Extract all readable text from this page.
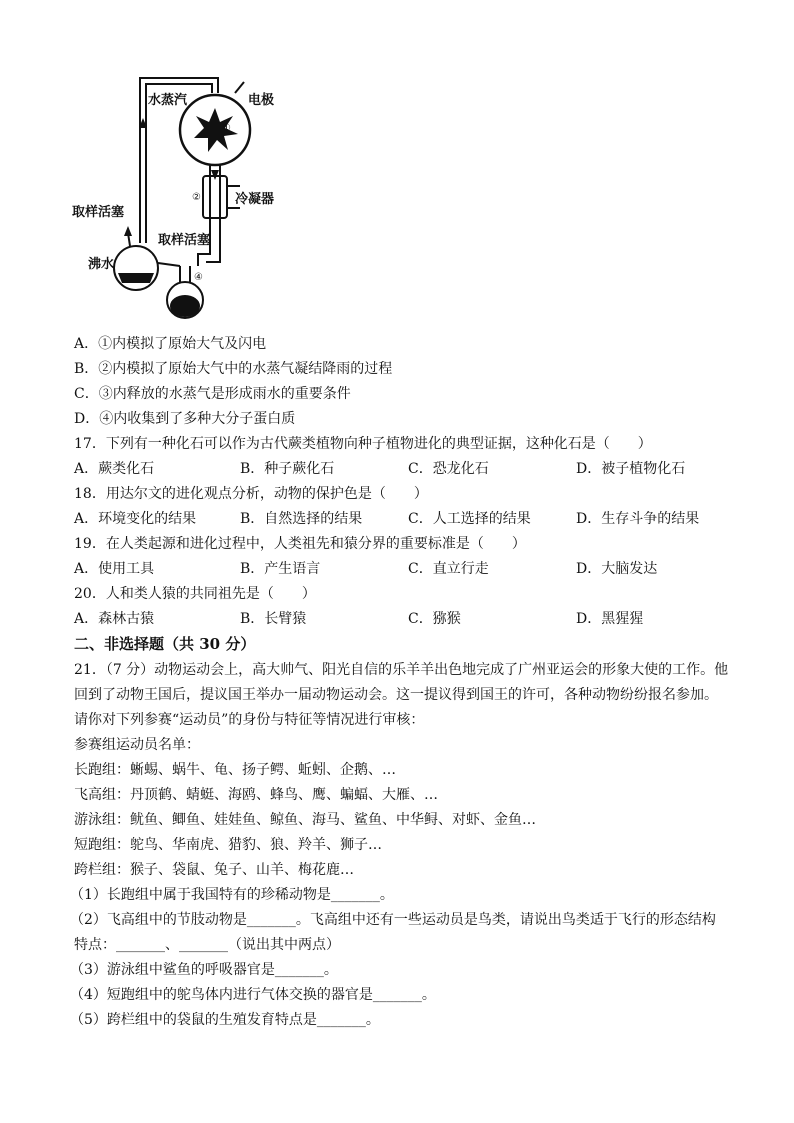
水蒸汽	电极
冷凝器
取样活塞
取样活塞
沸水
①
②
④
A．①内模拟了原始大气及闪电
B．②内模拟了原始大气中的水蒸气凝结降雨的过程
C．③内释放的水蒸气是形成雨水的重要条件
D．④内收集到了多种大分子蛋白质
17．下列有一种化石可以作为古代蕨类植物向种子植物进化的典型证据，这种化石是（　　）
A．蕨类化石	B．种子蕨化石	C．恐龙化石	D．被子植物化石
18．用达尔文的进化观点分析，动物的保护色是（　　）
A．环境变化的结果	B．自然选择的结果	C．人工选择的结果	D．生存斗争的结果
19．在人类起源和进化过程中，人类祖先和猿分界的重要标准是（　　）
A．使用工具	B．产生语言	C．直立行走	D．大脑发达
20．人和类人猿的共同祖先是（　　）
A．森林古猿	B．长臂猿	C．猕猴	D．黑猩猩
二、非选择题（共 30 分）
21．（7 分）动物运动会上，高大帅气、阳光自信的乐羊羊出色地完成了广州亚运会的形象大使的工作。他
回到了动物王国后，提议国王举办一届动物运动会。这一提议得到国王的许可，各种动物纷纷报名参加。
请你对下列参赛“运动员”的身份与特征等情况进行审核：
参赛组运动员名单：
长跑组：蜥蜴、蜗牛、龟、扬子鳄、蚯蚓、企鹅、…
飞高组：丹顶鹤、蜻蜓、海鸥、蜂鸟、鹰、蝙蝠、大雁、…
游泳组：鱿鱼、鲫鱼、娃娃鱼、鲸鱼、海马、鲨鱼、中华鲟、对虾、金鱼…
短跑组：鸵鸟、华南虎、猎豹、狼、羚羊、狮子…
跨栏组：猴子、袋鼠、兔子、山羊、梅花鹿…
（1）长跑组中属于我国特有的珍稀动物是_______。
（2）飞高组中的节肢动物是_______。飞高组中还有一些运动员是鸟类，请说出鸟类适于飞行的形态结构
特点：_______、_______（说出其中两点）
（3）游泳组中鲨鱼的呼吸器官是_______。
（4）短跑组中的鸵鸟体内进行气体交换的器官是_______。
（5）跨栏组中的袋鼠的生殖发育特点是_______。
